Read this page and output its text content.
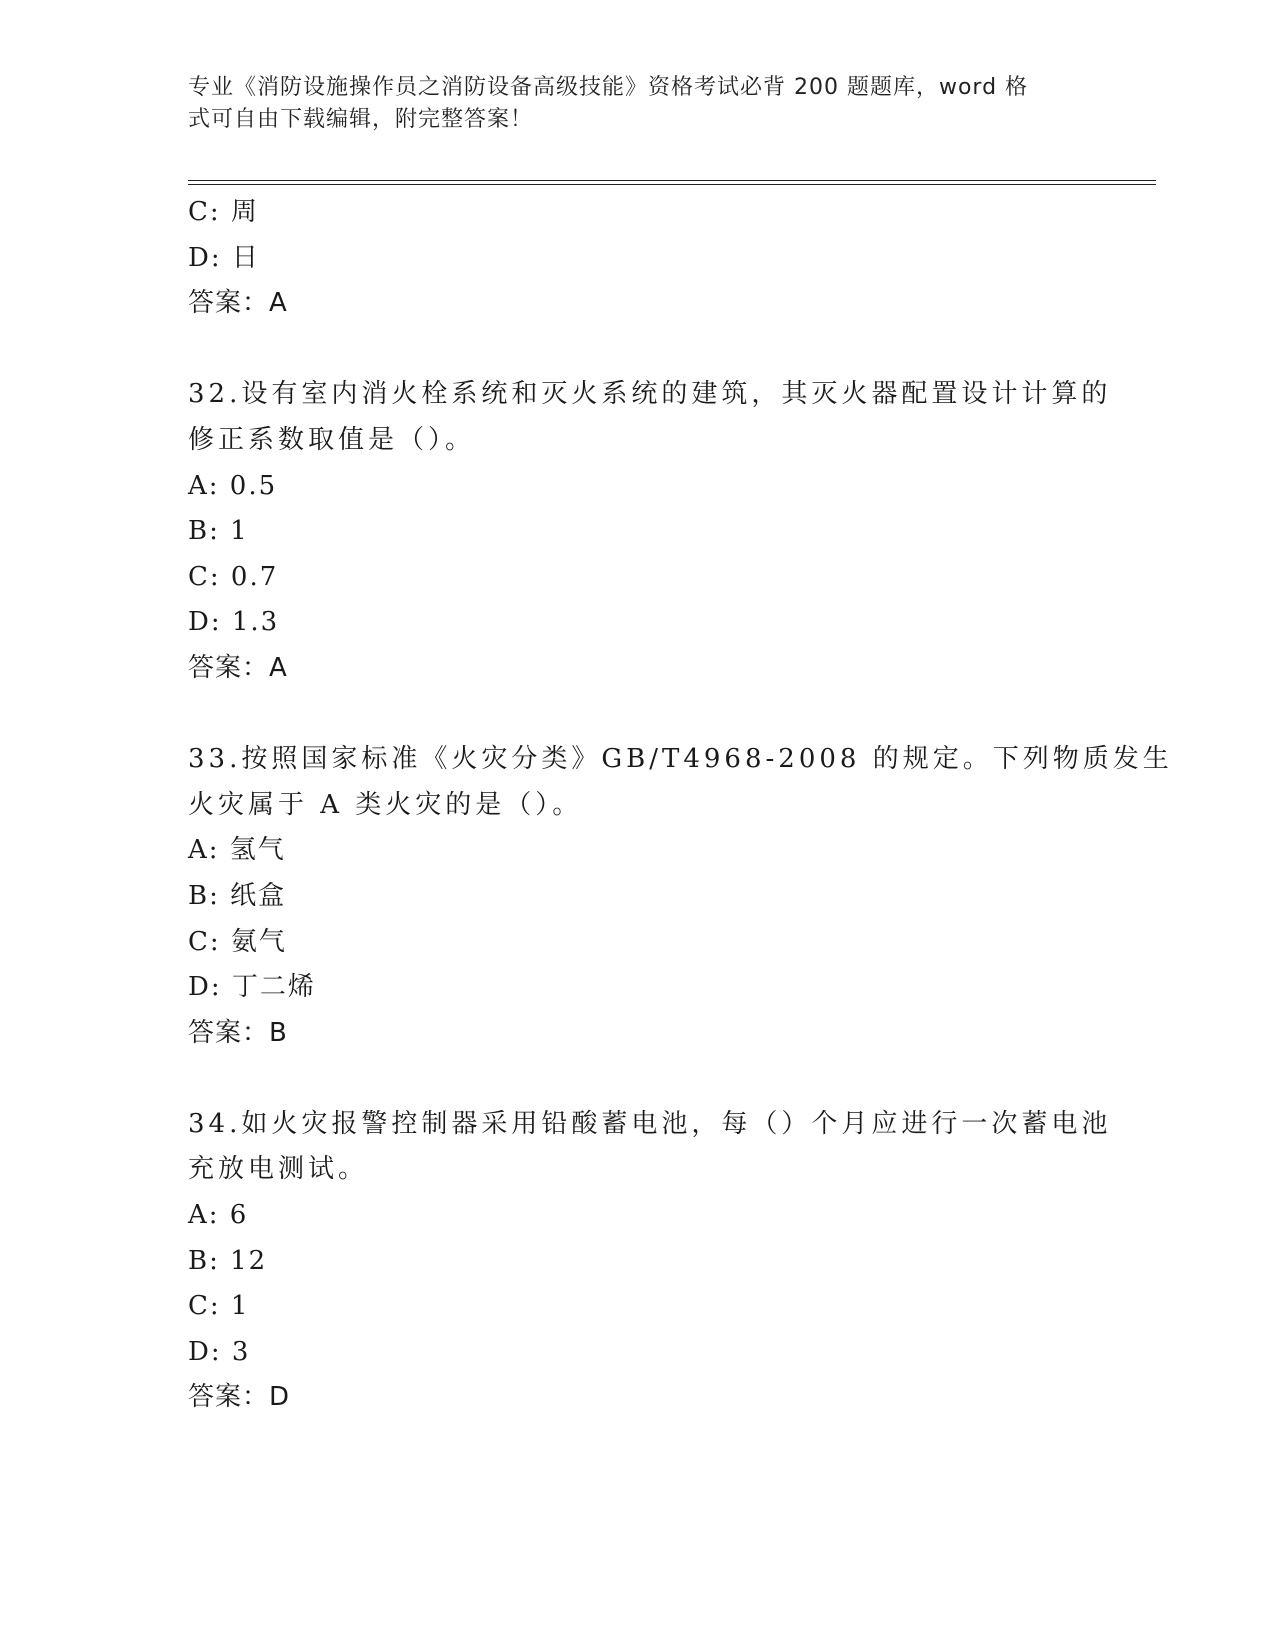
专业《消防设施操作员之消防设备高级技能》资格考试必背 200 题题库，word 格
式可自由下载编辑，附完整答案！
C: 周
D: 日
答案：A
32.设有室内消火栓系统和灭火系统的建筑，其灭火器配置设计计算的
修正系数取值是（）。
A: 0.5
B: 1
C: 0.7
D: 1.3
答案：A
33.按照国家标准《火灾分类》GB/T4968-2008 的规定。下列物质发生
火灾属于 A 类火灾的是（）。
A: 氢气
B: 纸盒
C: 氨气
D: 丁二烯
答案：B
34.如火灾报警控制器采用铅酸蓄电池，每（）个月应进行一次蓄电池
充放电测试。
A: 6
B: 12
C: 1
D: 3
答案：D
